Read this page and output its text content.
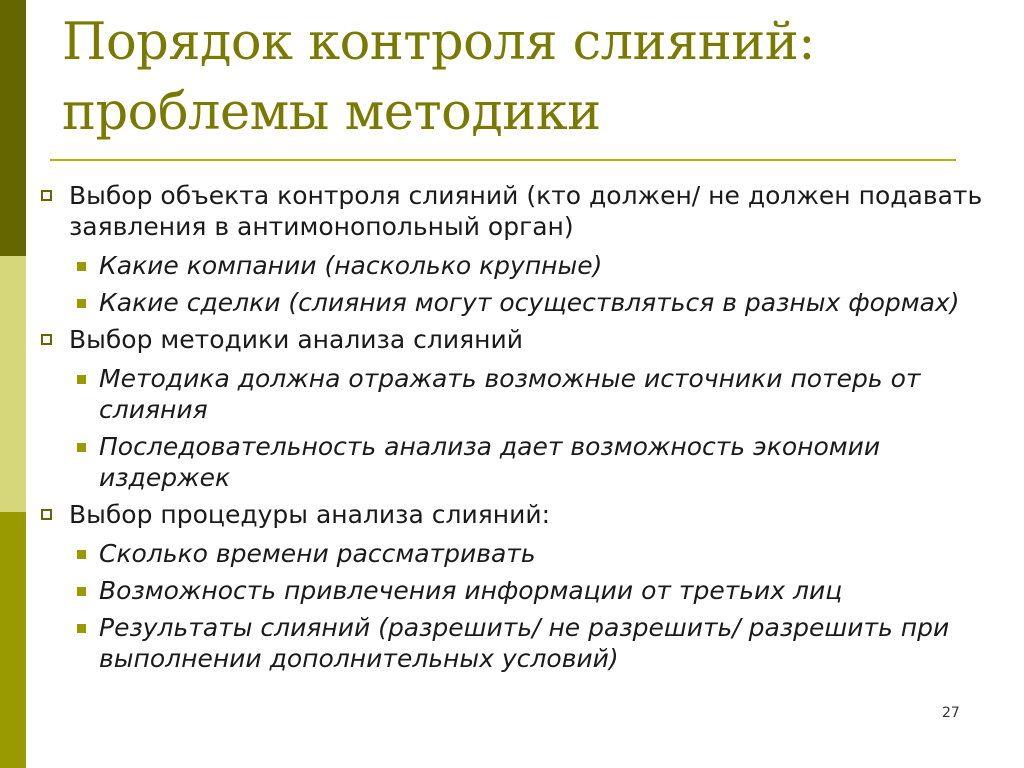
Порядок контроля слияний:
проблемы методики
Выбор объекта контроля слияний (кто должен/ не должен подавать заявления в антимонопольный орган)
Какие компании (насколько крупные)
Какие сделки (слияния могут осуществляться в разных формах)
Выбор методики анализа слияний
Методика должна отражать возможные источники потерь от слияния
Последовательность анализа дает возможность экономии издержек
Выбор процедуры анализа слияний:
Сколько времени рассматривать
Возможность привлечения информации от третьих лиц
Результаты слияний (разрешить/ не разрешить/ разрешить при выполнении дополнительных условий)
27
